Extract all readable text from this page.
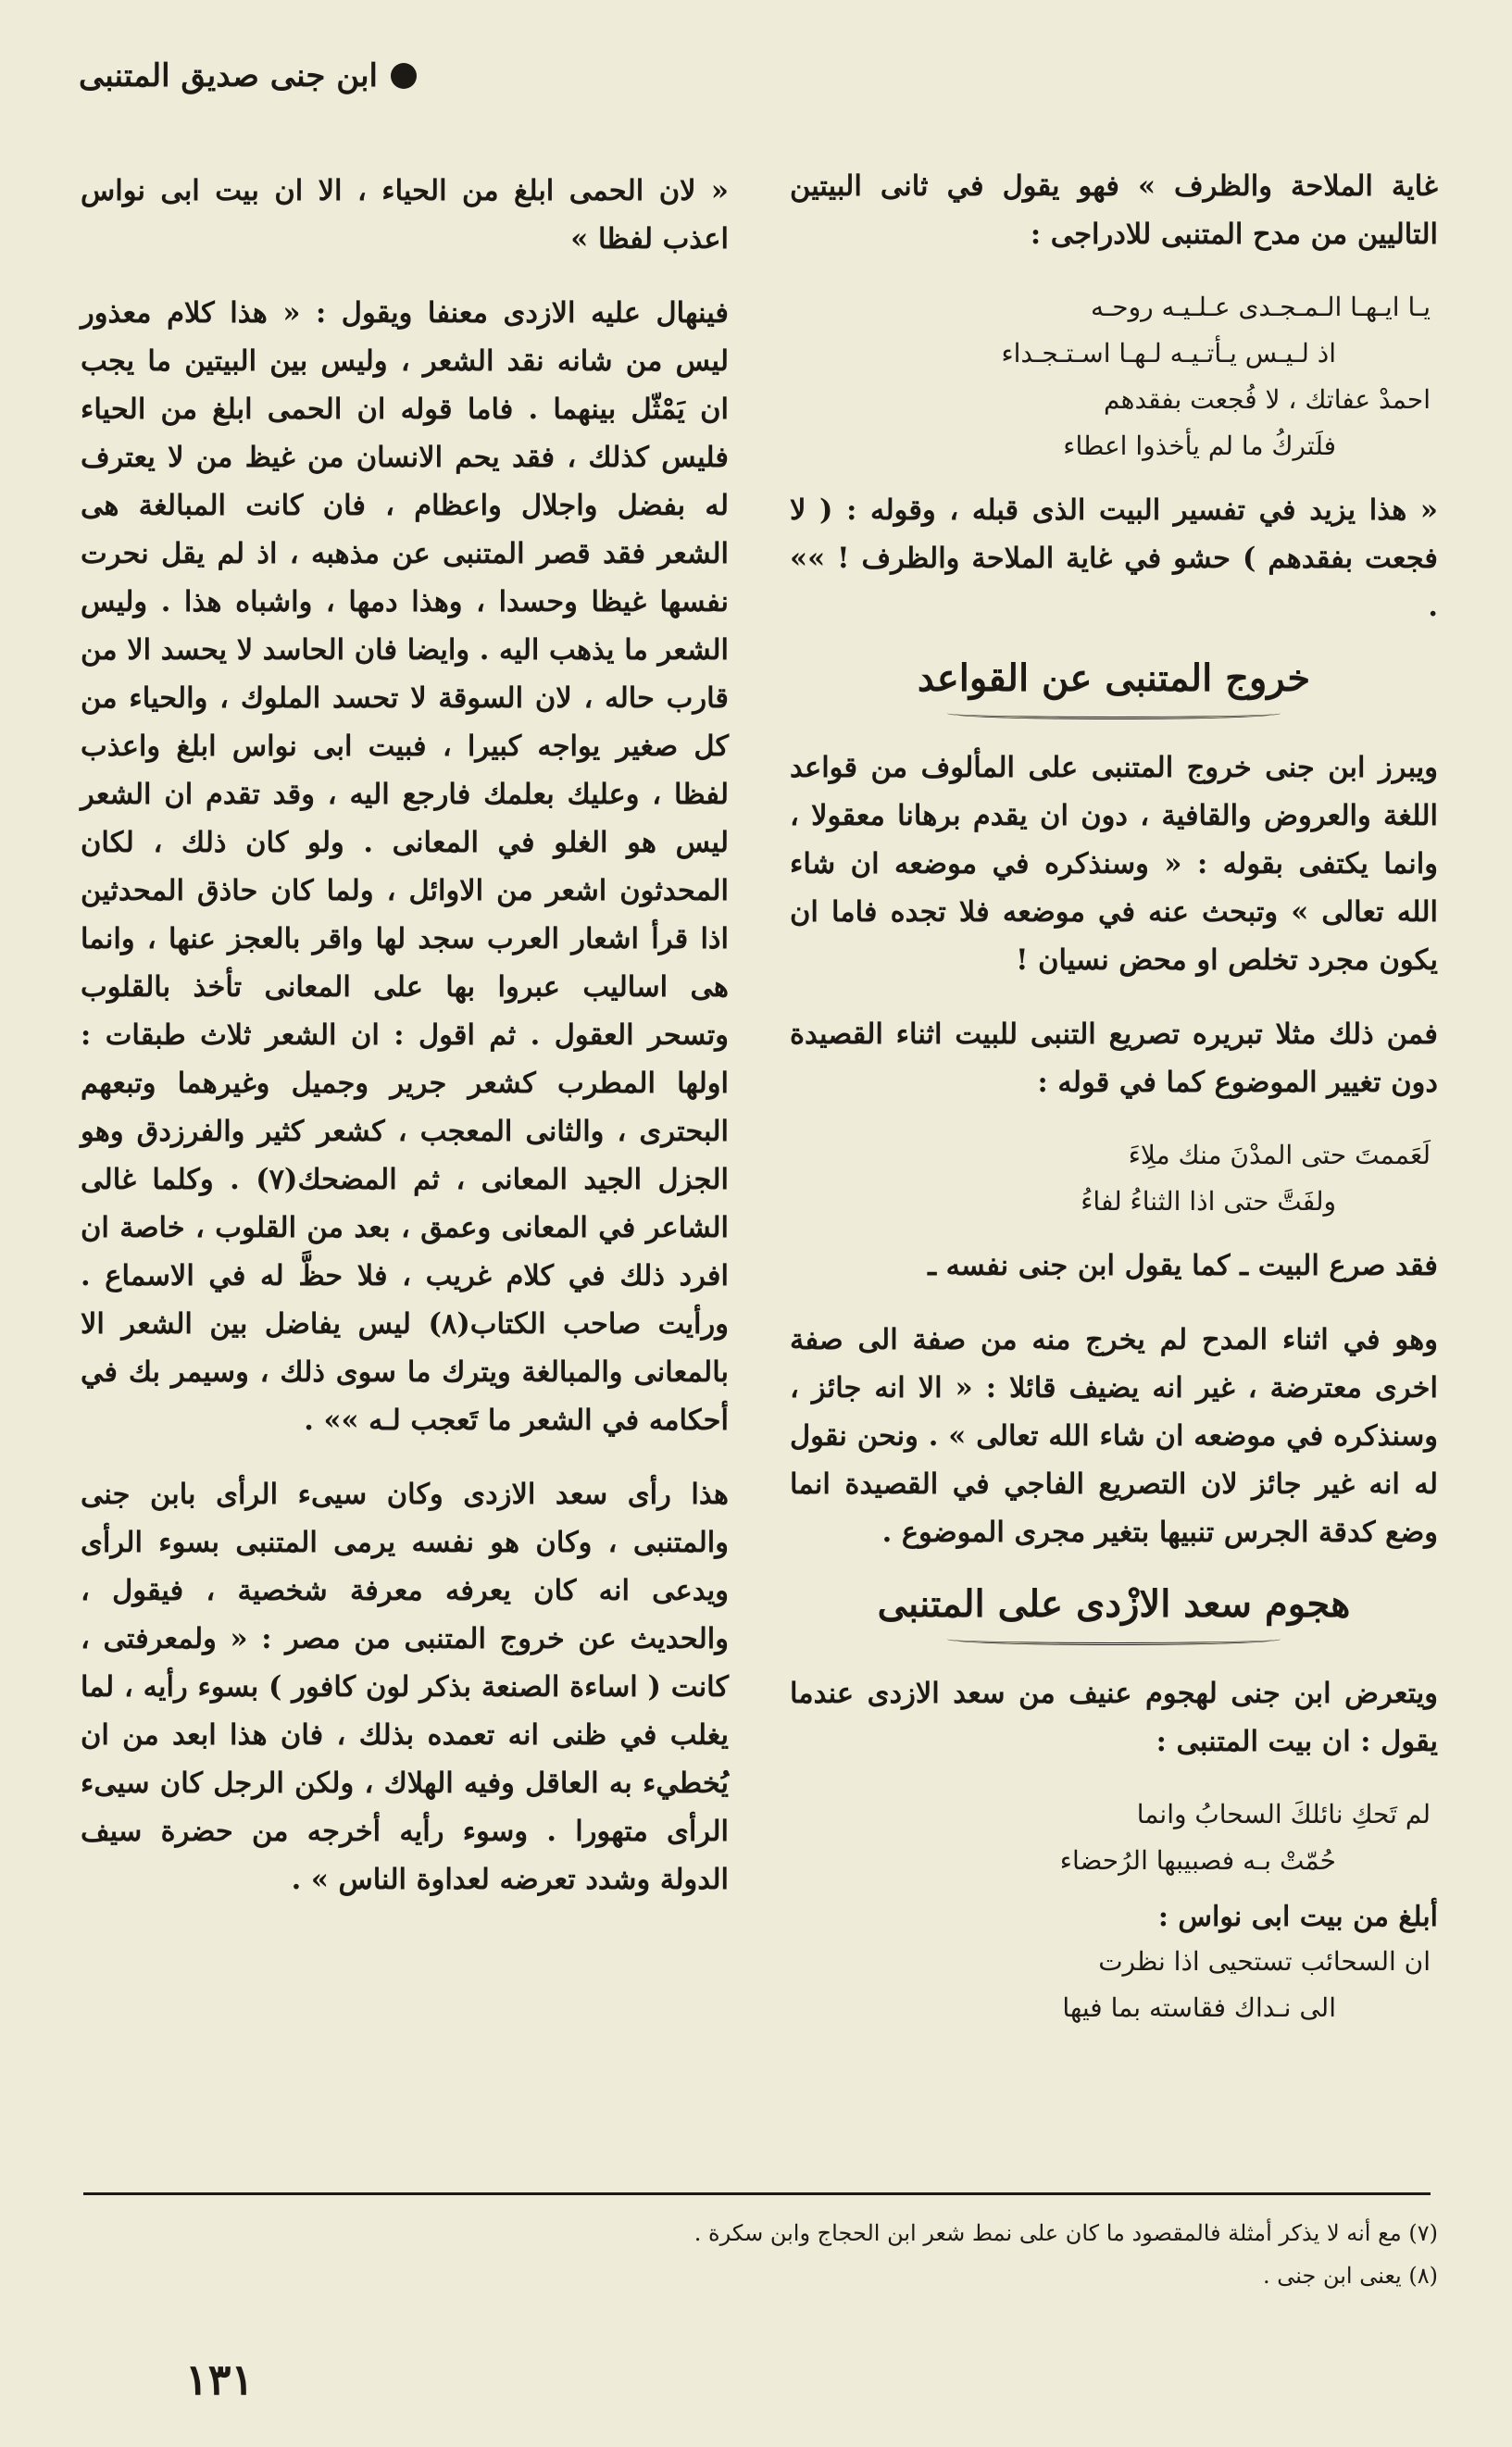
ابن جنى صديق المتنبى

غاية الملاحة والظرف » فهو يقول في ثانى البيتين التاليين من مدح المتنبى للادراجى :

يـا ايـهـا الـمـجـدى عـلـيـه روحـه
اذ لـيـس يـأتـيـه لـهـا اسـتـجـداء
احمدْ عفاتك ، لا فُجعت بفقدهم
فلَتركُ ما لم يأخذوا اعطاء

« هذا يزيد في تفسير البيت الذى قبله ، وقوله : ( لا فجعت بفقدهم ) حشو في غاية الملاحة والظرف ! »» .

خروج المتنبى عن القواعد

ويبرز ابن جنى خروج المتنبى على المألوف من قواعد اللغة والعروض والقافية ، دون ان يقدم برهانا معقولا ، وانما يكتفى بقوله : « وسنذكره في موضعه ان شاء الله تعالى » وتبحث عنه في موضعه فلا تجده فاما ان يكون مجرد تخلص او محض نسيان !

فمن ذلك مثلا تبريره تصريع التنبى للبيت اثناء القصيدة دون تغيير الموضوع كما في قوله :

لَعَممتَ حتى المدْنَ منك ملِاءَ
ولفَتَّ حتى اذا الثناءُ لفاءُ

فقد صرع البيت ـ كما يقول ابن جنى نفسه ـ

وهو في اثناء المدح لم يخرج منه من صفة الى صفة اخرى معترضة ، غير انه يضيف قائلا : « الا انه جائز ، وسنذكره في موضعه ان شاء الله تعالى » . ونحن نقول له انه غير جائز لان التصريع الفاجي في القصيدة انما وضع كدقة الجرس تنبيها بتغير مجرى الموضوع .

هجوم سعد الازْدى على المتنبى

ويتعرض ابن جنى لهجوم عنيف من سعد الازدى عندما يقول : ان بيت المتنبى :

لم تَحكِ نائلكَ السحابُ وانما
حُمّتْ بـه فصبيبها الرُحضاء
أبلغ من بيت ابى نواس :
ان السحائب تستحيى اذا نظرت
الى نـداك فقاسته بما فيها

« لان الحمى ابلغ من الحياء ، الا ان بيت ابى نواس اعذب لفظا »

فينهال عليه الازدى معنفا ويقول : « هذا كلام معذور ليس من شانه نقد الشعر ، وليس بين البيتين ما يجب ان يَمْثّل بينهما . فاما قوله ان الحمى ابلغ من الحياء فليس كذلك ، فقد يحم الانسان من غيظ من لا يعترف له بفضل واجلال واعظام ، فان كانت المبالغة هى الشعر فقد قصر المتنبى عن مذهبه ، اذ لم يقل نحرت نفسها غيظا وحسدا ، وهذا دمها ، واشباه هذا . وليس الشعر ما يذهب اليه . وايضا فان الحاسد لا يحسد الا من قارب حاله ، لان السوقة لا تحسد الملوك ، والحياء من كل صغير يواجه كبيرا ، فبيت ابى نواس ابلغ واعذب لفظا ، وعليك بعلمك فارجع اليه ، وقد تقدم ان الشعر ليس هو الغلو في المعانى . ولو كان ذلك ، لكان المحدثون اشعر من الاوائل ، ولما كان حاذق المحدثين اذا قرأ اشعار العرب سجد لها واقر بالعجز عنها ، وانما هى اساليب عبروا بها على المعانى تأخذ بالقلوب وتسحر العقول . ثم اقول : ان الشعر ثلاث طبقات : اولها المطرب كشعر جرير وجميل وغيرهما وتبعهم البحترى ، والثانى المعجب ، كشعر كثير والفرزدق وهو الجزل الجيد المعانى ، ثم المضحك(٧) . وكلما غالى الشاعر في المعانى وعمق ، بعد من القلوب ، خاصة ان افرد ذلك في كلام غريب ، فلا حظَّ له في الاسماع . ورأيت صاحب الكتاب(٨) ليس يفاضل بين الشعر الا بالمعانى والمبالغة ويترك ما سوى ذلك ، وسيمر بك في أحكامه في الشعر ما تَعجب لـه »» .

هذا رأى سعد الازدى وكان سيىء الرأى بابن جنى والمتنبى ، وكان هو نفسه يرمى المتنبى بسوء الرأى ويدعى انه كان يعرفه معرفة شخصية ، فيقول ، والحديث عن خروج المتنبى من مصر : « ولمعرفتى ، كانت ( اساءة الصنعة بذكر لون كافور ) بسوء رأيه ، لما يغلب في ظنى انه تعمده بذلك ، فان هذا ابعد من ان يُخطيء به العاقل وفيه الهلاك ، ولكن الرجل كان سيىء الرأى متهورا . وسوء رأيه أخرجه من حضرة سيف الدولة وشدد تعرضه لعداوة الناس » .

(٧) مع أنه لا يذكر أمثلة فالمقصود ما كان على نمط شعر ابن الحجاج وابن سكرة .
(٨) يعنى ابن جنى .
١٣١
